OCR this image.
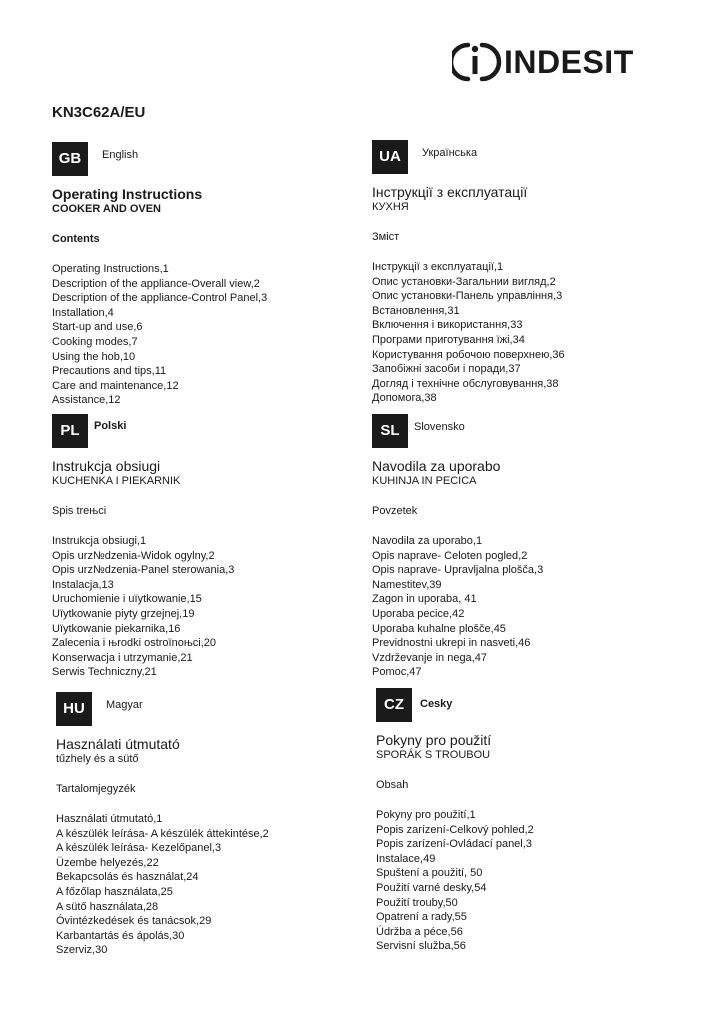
INDESIT
KN3C62A/EU
GB	English
Operating Instructions
COOKER AND OVEN
Contents
Operating Instructions,1
Description of the appliance-Overall view,2
Description of the appliance-Control Panel,3
Installation,4
Start-up and use,6
Cooking modes,7
Using the hob,10
Precautions and tips,11
Care and maintenance,12
Assistance,12
UA	Українська
Інструкції з експлуатації
КУХНЯ
Зміст
Інструкції з експлуатації,1
Опис установки-Загальнии вигляд,2
Опис установки-Панель управління,3
Встановлення,31
Включення і використання,33
Програми приготування їжі,34
Користування робочою поверхнею,36
Запобіжні засоби і поради,37
Догляд і технічне обслуговування,38
Допомога,38
PL	Polski
Instrukcja obsiugi
KUCHENKA I PIEKARNIK
Spis treњci
Instrukcja obsiugi,1
Opis urz№dzenia-Widok ogylny,2
Opis urz№dzenia-Panel sterowania,3
Instalacja,13
Uruchomienie i uїytkowanie,15
Uїytkowanie piyty grzejnej,19
Uїytkowanie piekarnika,16
Zalecenia i њrodki ostroїnoњci,20
Konserwacja i utrzymanie,21
Serwis Techniczny,21
SL	Slovensko
Navodila za uporabo
KUHINJA IN PECICA
Povzetek
Navodila za uporabo,1
Opis naprave- Celoten pogled,2
Opis naprave- Upravljalna plošča,3
Namestitev,39
Zagon in uporaba, 41
Uporaba pecice,42
Uporaba kuhalne plošče,45
Previdnostni ukrepi in nasveti,46
Vzdrževanje in nega,47
Pomoc,47
HU	Magyar
Használati útmutató
tűzhely és a sütő
Tartalomjegyzék
Használati útmutató,1
A készülék leírása- A készülék áttekintése,2
A készülék leírása- Kezelőpanel,3
Üzembe helyezés,22
Bekapcsolás és használat,24
A főzőlap használata,25
A sütő használata,28
Óvintézkedések és tanácsok,29
Karbantartás és ápolás,30
Szerviz,30
CZ	Cesky
Pokyny pro použití
SPORÁK S TROUBOU
Obsah
Pokyny pro použití,1
Popis zarízení-Celkový pohled,2
Popis zarízení-Ovládací panel,3
Instalace,49
Spuštení a použití, 50
Použití varné desky,54
Použití trouby,50
Opatrení a rady,55
Údržba a péce,56
Servisní služba,56
